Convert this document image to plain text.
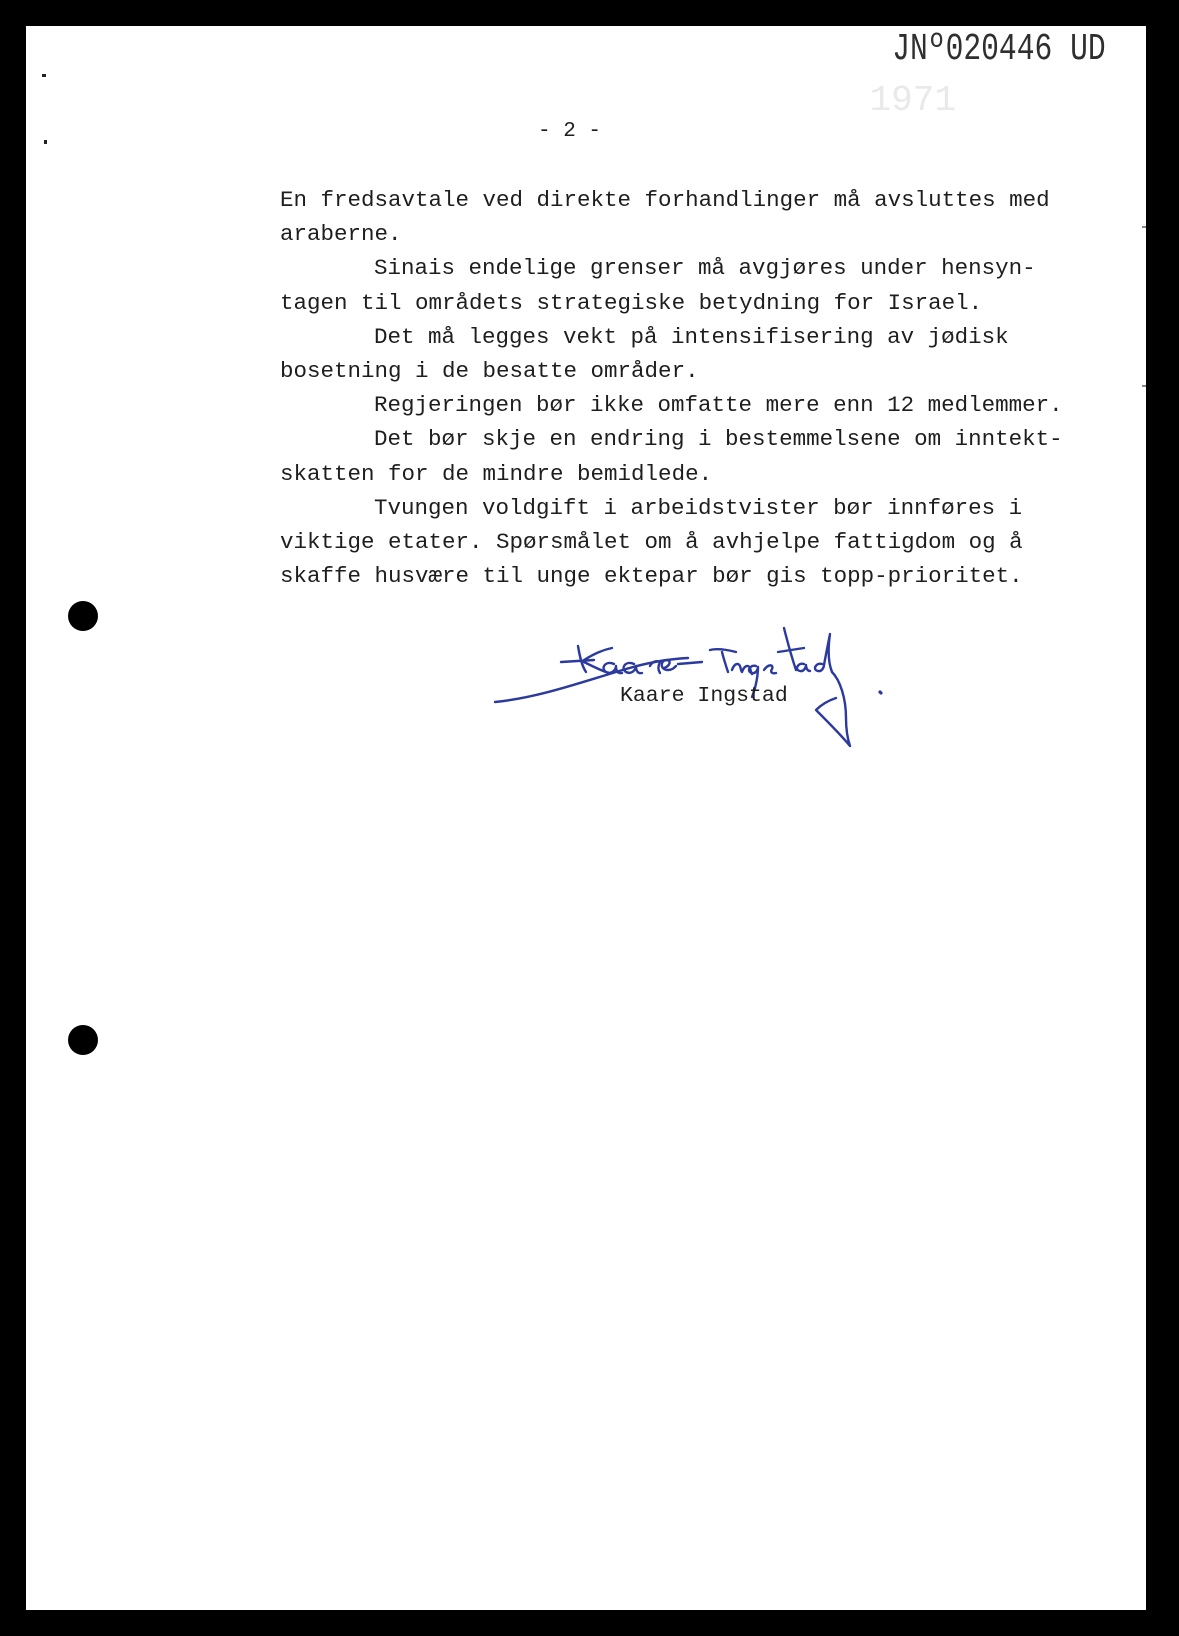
JNº020446 UD
1971
- 2 -
En fredsavtale ved direkte forhandlinger må avsluttes med
araberne.
Sinais endelige grenser må avgjøres under hensyn-
tagen til områdets strategiske betydning for Israel.
Det må legges vekt på intensifisering av jødisk
bosetning i de besatte områder.
Regjeringen bør ikke omfatte mere enn 12 medlemmer.
Det bør skje en endring i bestemmelsene om inntekt-
skatten for de mindre bemidlede.
Tvungen voldgift i arbeidstvister bør innføres i
viktige etater. Spørsmålet om å avhjelpe fattigdom og å
skaffe husvære til unge ektepar bør gis topp-prioritet.
Kaare Ingstad
